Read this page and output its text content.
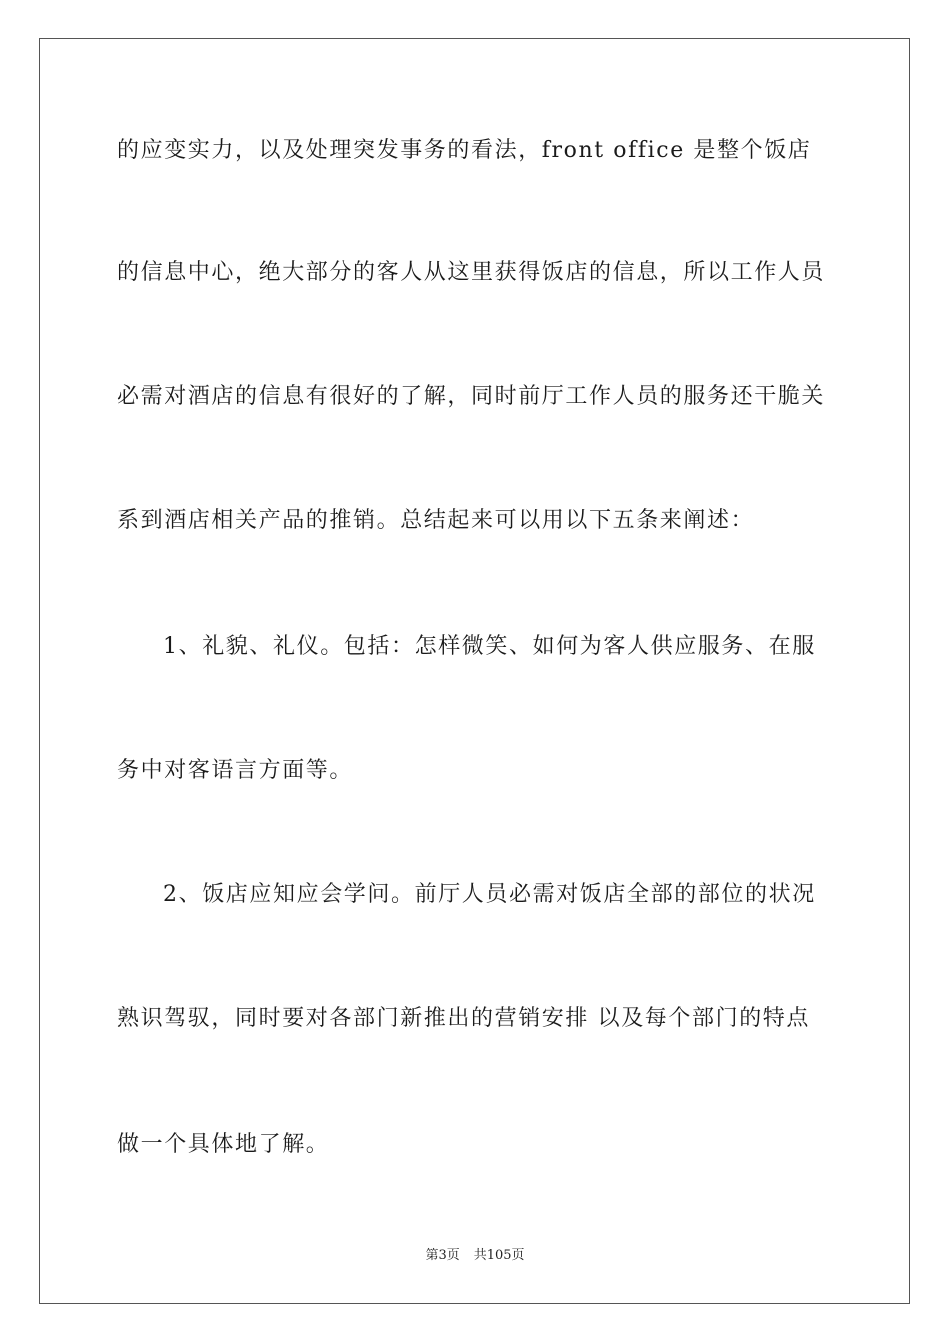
的应变实力，以及处理突发事务的看法，front office 是整个饭店
的信息中心，绝大部分的客人从这里获得饭店的信息，所以工作人员
必需对酒店的信息有很好的了解，同时前厅工作人员的服务还干脆关
系到酒店相关产品的推销。总结起来可以用以下五条来阐述：
1、礼貌、礼仪。包括：怎样微笑、如何为客人供应服务、在服
务中对客语言方面等。
2、饭店应知应会学问。前厅人员必需对饭店全部的部位的状况
熟识驾驭，同时要对各部门新推出的营销安排 以及每个部门的特点
做一个具体地了解。
第3页 共105页
